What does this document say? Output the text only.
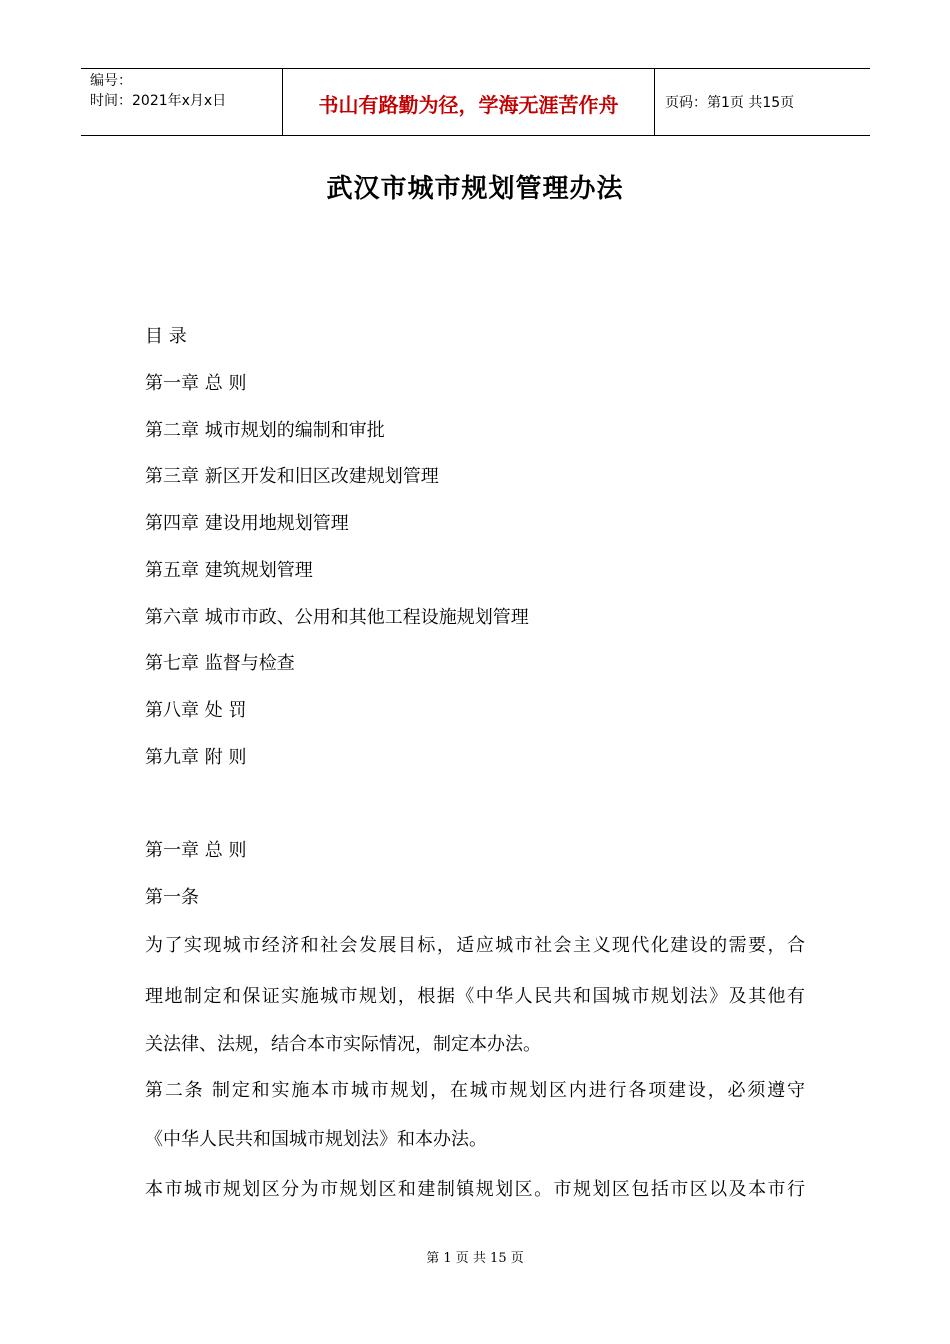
编号：
时间：2021年x月x日	书山有路勤为径，学海无涯苦作舟	页码：第1页 共15页
武汉市城市规划管理办法
目 录
第一章 总 则
第二章 城市规划的编制和审批
第三章 新区开发和旧区改建规划管理
第四章 建设用地规划管理
第五章 建筑规划管理
第六章 城市市政、公用和其他工程设施规划管理
第七章 监督与检查
第八章 处 罚
第九章 附 则
第一章 总 则
第一条
为了实现城市经济和社会发展目标，适应城市社会主义现代化建设的需要，合
理地制定和保证实施城市规划，根据《中华人民共和国城市规划法》及其他有
关法律、法规，结合本市实际情况，制定本办法。
第二条 制定和实施本市城市规划，在城市规划区内进行各项建设，必须遵守
《中华人民共和国城市规划法》和本办法。
本市城市规划区分为市规划区和建制镇规划区。市规划区包括市区以及本市行
第 1 页 共 15 页
